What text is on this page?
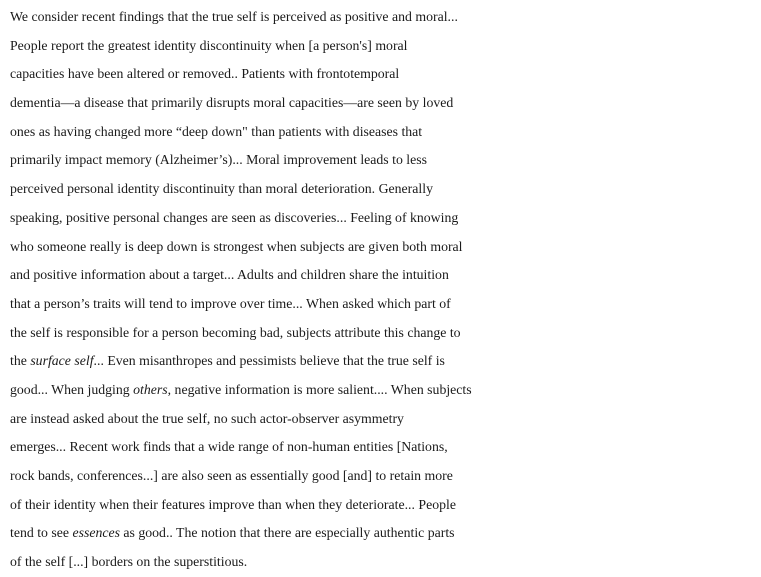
We consider recent findings that the true self is perceived as positive and moral...
People report the greatest identity discontinuity when [a person's] moral
capacities have been altered or removed.. Patients with frontotemporal
dementia—a disease that primarily disrupts moral capacities—are seen by loved
ones as having changed more “deep down" than patients with diseases that
primarily impact memory (Alzheimer’s)... Moral improvement leads to less
perceived personal identity discontinuity than moral deterioration. Generally
speaking, positive personal changes are seen as discoveries... Feeling of knowing
who someone really is deep down is strongest when subjects are given both moral
and positive information about a target... Adults and children share the intuition
that a person’s traits will tend to improve over time... When asked which part of
the self is responsible for a person becoming bad, subjects attribute this change to
the surface self... Even misanthropes and pessimists believe that the true self is
good... When judging others, negative information is more salient.... When subjects
are instead asked about the true self, no such actor-observer asymmetry
emerges... Recent work finds that a wide range of non-human entities [Nations,
rock bands, conferences...] are also seen as essentially good [and] to retain more
of their identity when their features improve than when they deteriorate... People
tend to see essences as good.. The notion that there are especially authentic parts
of the self [...] borders on the superstitious.
